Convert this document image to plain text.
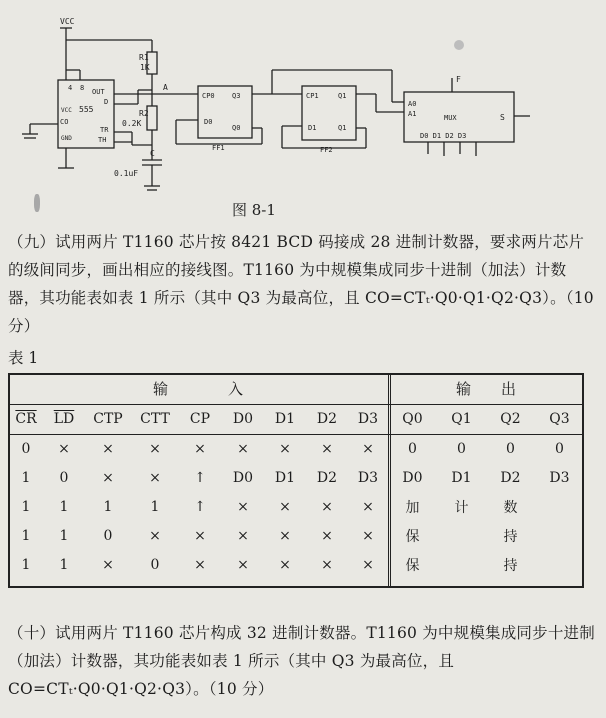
VCC
R1
1K
R2
0.2K
C
0.1uF
555
4 8
VCC
CO
GND
OUT
D
TR
TH
A
CP0 Q3
D0
Q0
FF1
CP1	Q1
D1	Q1
FF2
A0
A1	MUX	S
D0 D1 D2 D3
F
图 8-1
（九）试用两片 T1160 芯片按 8421 BCD 码接成 28 进制计数器，要求两片芯片的级间同步，画出相应的接线图。T1160 为中规模集成同步十进制（加法）计数器，其功能表如表 1 所示（其中 Q3 为最高位，且 CO=CTₜ·Q0·Q1·Q2·Q3）。（10 分）
表 1
输　　　　入									输　　出			
$\overline{CR}$	$\overline{LD}$	CTP	CTT	CP	D0	D1	D2	D3	Q0	Q1	Q2	Q3
0	×	×	×	×	×	×	×	×	0	0	0	0
1	0	×	×	↑	D0	D1	D2	D3	D0	D1	D2	D3
1	1	1	1	↑	×	×	×	×	加	计	数	
1	1	0	×	×	×	×	×	×	保		持	
1	1	×	0	×	×	×	×	×	保		持	
（十）试用两片 T1160 芯片构成 32 进制计数器。T1160 为中规模集成同步十进制（加法）计数器，其功能表如表 1 所示（其中 Q3 为最高位，且 CO=CTₜ·Q0·Q1·Q2·Q3）。（10 分）
